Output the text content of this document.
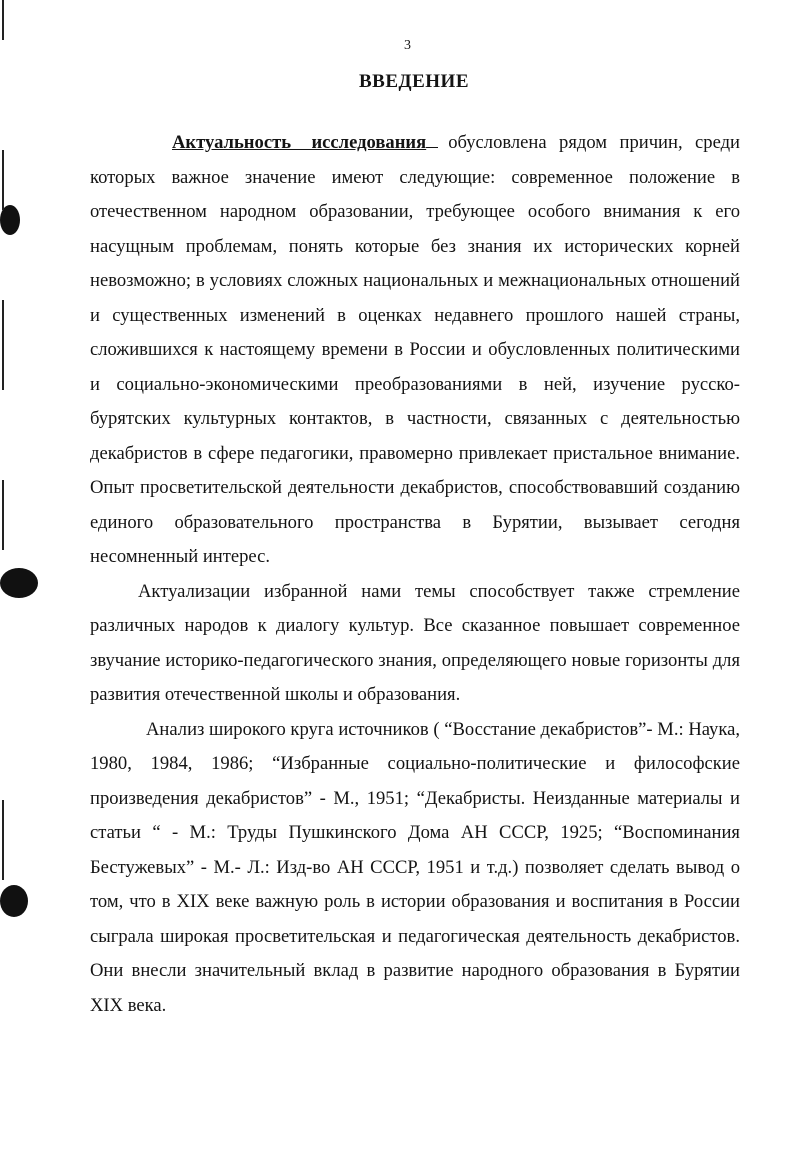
3
ВВЕДЕНИЕ

Актуальность исследования обусловлена рядом причин, среди которых важное значение имеют следующие: современное положение в отечественном народном образовании, требующее особого внимания к его насущным проблемам, понять которые без знания их исторических корней невозможно; в условиях сложных национальных и межнациональных отношений и существенных изменений в оценках недавнего прошлого нашей страны, сложившихся к настоящему времени в России и обусловленных политическими и социально-экономическими преобразованиями в ней, изучение русско-бурятских культурных контактов, в частности, связанных с деятельностью декабристов в сфере педагогики, правомерно привлекает пристальное внимание. Опыт просветительской деятельности декабристов, способствовавший созданию единого образовательного пространства в Бурятии, вызывает сегодня несомненный интерес.

Актуализации избранной нами темы способствует также стремление различных народов к диалогу культур. Все сказанное повышает современное звучание историко-педагогического знания, определяющего новые горизонты для развития отечественной школы и образования.

Анализ широкого круга источников ( “Восстание декабристов”- М.: Наука, 1980, 1984, 1986; “Избранные социально-политические и философские произведения декабристов” - М., 1951; “Декабристы. Неизданные материалы и статьи “ - М.: Труды Пушкинского Дома АН СССР, 1925; “Воспоминания Бестужевых” - М.- Л.: Изд-во АН СССР, 1951 и т.д.) позволяет сделать вывод о том, что в XIX веке важную роль в истории образования и воспитания в России сыграла широкая просветительская и педагогическая деятельность декабристов. Они внесли значительный вклад в развитие народного образования в Бурятии XIX века.
